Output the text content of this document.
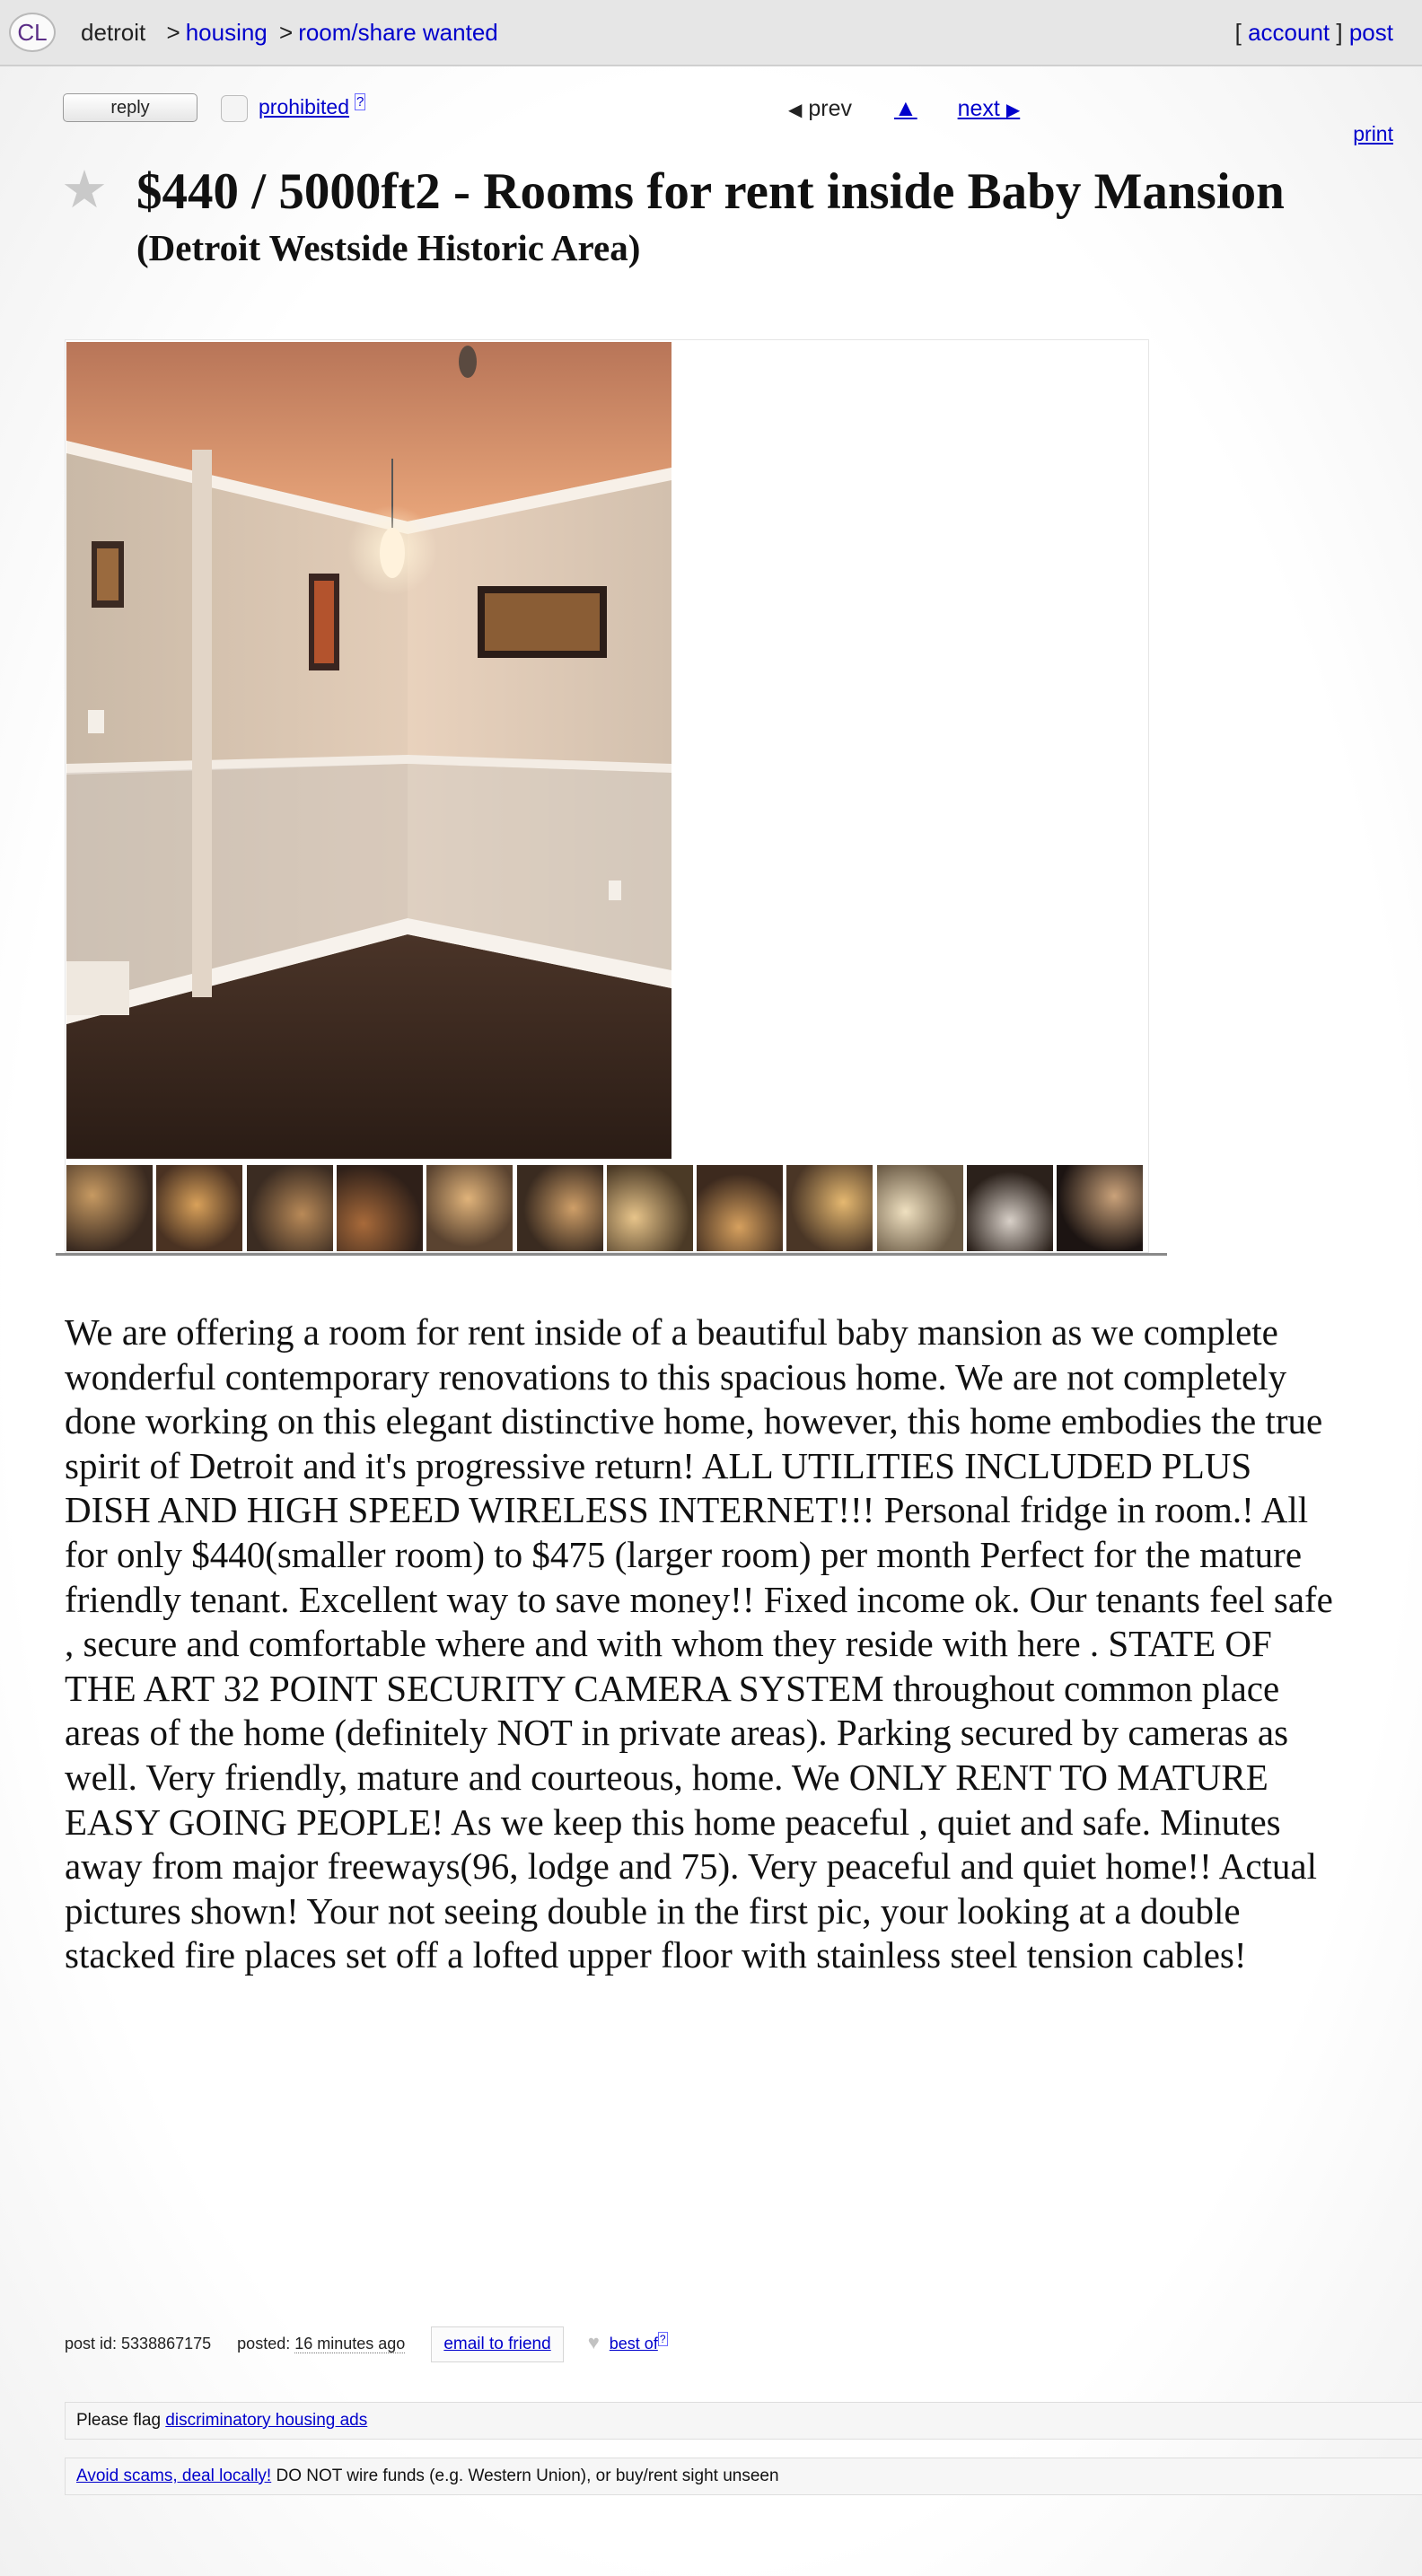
CL	detroit > housing > room/share wanted	[ account ] post
reply	prohibited ?	◀ prev ▲ next ▶
print
★ $440 / 5000ft2 - Rooms for rent inside Baby Mansion
(Detroit Westside Historic Area)
We are offering a room for rent inside of a beautiful baby mansion as we complete wonderful contemporary renovations to this spacious home. We are not completely done working on this elegant distinctive home, however, this home embodies the true spirit of Detroit and it's progressive return! ALL UTILITIES INCLUDED PLUS DISH AND HIGH SPEED WIRELESS INTERNET!!! Personal fridge in room.! All for only $440(smaller room) to $475 (larger room) per month Perfect for the mature friendly tenant. Excellent way to save money!! Fixed income ok. Our tenants feel safe , secure and comfortable where and with whom they reside with here . STATE OF THE ART 32 POINT SECURITY CAMERA SYSTEM throughout common place areas of the home (definitely NOT in private areas). Parking secured by cameras as well. Very friendly, mature and courteous, home. We ONLY RENT TO MATURE EASY GOING PEOPLE! As we keep this home peaceful , quiet and safe. Minutes away from major freeways(96, lodge and 75). Very peaceful and quiet home!! Actual pictures shown! Your not seeing double in the first pic, your looking at a double stacked fire places set off a lofted upper floor with stainless steel tension cables!
post id: 5338867175 posted: 16 minutes ago email to friend ♥ best of ?
Please flag discriminatory housing ads
Avoid scams, deal locally! DO NOT wire funds (e.g. Western Union), or buy/rent sight unseen
